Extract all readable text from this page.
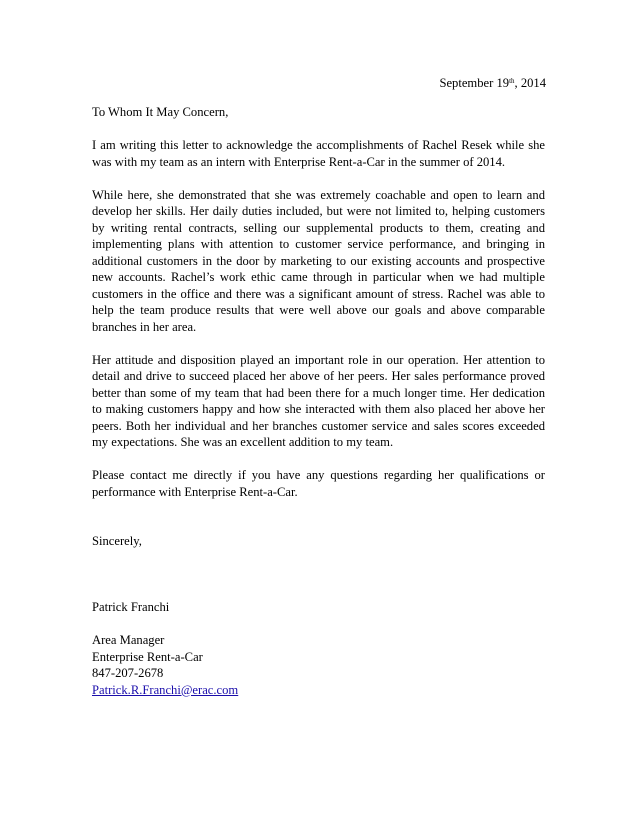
September 19th, 2014
To Whom It May Concern,

I am writing this letter to acknowledge the accomplishments of Rachel Resek while she was with my team as an intern with Enterprise Rent-a-Car in the summer of 2014.

While here, she demonstrated that she was extremely coachable and open to learn and develop her skills. Her daily duties included, but were not limited to, helping customers by writing rental contracts, selling our supplemental products to them, creating and implementing plans with attention to customer service performance, and bringing in additional customers in the door by marketing to our existing accounts and prospective new accounts. Rachel’s work ethic came through in particular when we had multiple customers in the office and there was a significant amount of stress. Rachel was able to help the team produce results that were well above our goals and above comparable branches in her area.

Her attitude and disposition played an important role in our operation. Her attention to detail and drive to succeed placed her above of her peers. Her sales performance proved better than some of my team that had been there for a much longer time. Her dedication to making customers happy and how she interacted with them also placed her above her peers. Both her individual and her branches customer service and sales scores exceeded my expectations. She was an excellent addition to my team.

Please contact me directly if you have any questions regarding her qualifications or performance with Enterprise Rent-a-Car.

Sincerely,
Patrick Franchi
Area Manager
Enterprise Rent-a-Car
847-207-2678
Patrick.R.Franchi@erac.com
